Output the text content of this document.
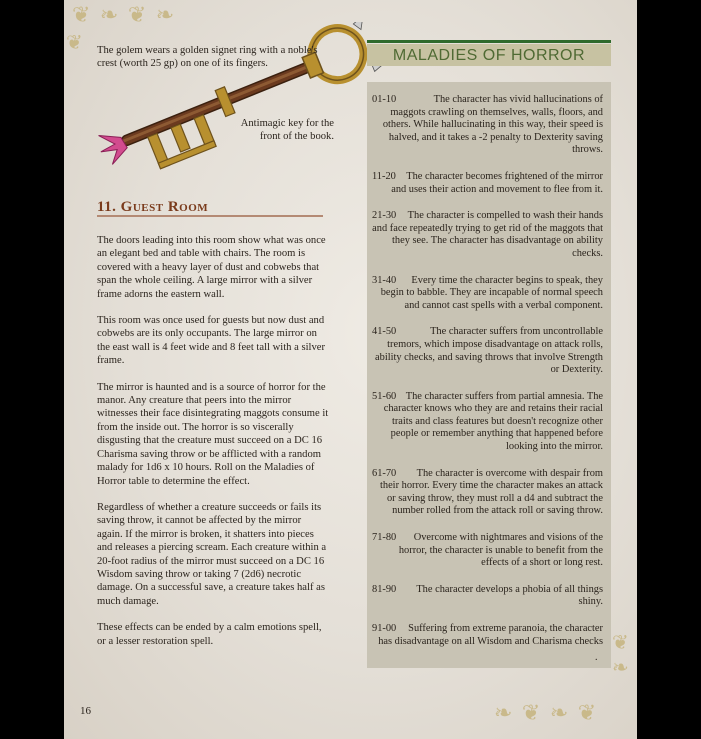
❦ ❧ ❦ ❧
❦
❧ ❦ ❧ ❦
❦
❧
The golem wears a golden signet ring with a noble's crest (worth 25 gp) on one of its fingers.
Antimagic key for the front of the book.
11. Guest Room

The doors leading into this room show what was once an elegant bed and table with chairs. The room is covered with a heavy layer of dust and cobwebs that span the whole ceiling. A large mirror with a silver frame adorns the eastern wall.

This room was once used for guests but now dust and cobwebs are its only occupants. The large mirror on the east wall is 4 feet wide and 8 feet tall with a silver frame.

The mirror is haunted and is a source of horror for the manor. Any creature that peers into the mirror witnesses their face disintegrating maggots consume it from the inside out. The horror is so viscerally disgusting that the creature must succeed on a DC 16 Charisma saving throw or be afflicted with a random malady for 1d6 x 10 hours. Roll on the Maladies of Horror table to determine the effect.

Regardless of whether a creature succeeds or fails its saving throw, it cannot be affected by the mirror again. If the mirror is broken, it shatters into pieces and releases a piercing scream. Each creature within a 20-foot radius of the mirror must succeed on a DC 16 Wisdom saving throw or taking 7 (2d6) necrotic damage. On a successful save, a creature takes half as much damage.

These effects can be ended by a calm emotions spell, or a lesser restoration spell.

MALADIES OF HORROR
01-10	The character has vivid hallucinations of maggots crawling on themselves, walls, floors, and others. While hallucinating in this way, their speed is halved, and it takes a -2 penalty to Dexterity saving throws.
11-20 The character becomes frightened of the mirror and uses their action and movement to flee from it.
21-30 The character is compelled to wash their hands and face repeatedly trying to get rid of the maggots that they see. The character has disadvantage on ability checks.
31-40 Every time the character begins to speak, they begin to babble. They are incapable of normal speech and cannot cast spells with a verbal component.
41-50	The character suffers from uncontrollable tremors, which impose disadvantage on attack rolls, ability checks, and saving throws that involve Strength or Dexterity.
51-60 The character suffers from partial amnesia. The character knows who they are and retains their racial traits and class features but doesn't recognize other people or remember anything that happened before looking into the mirror.
61-70 The character is overcome with despair from their horror. Every time the character makes an attack or saving throw, they must roll a d4 and subtract the number rolled from the attack roll or saving throw.
71-80 Overcome with nightmares and visions of the horror, the character is unable to benefit from the effects of a short or long rest.
81-90 The character develops a phobia of all things shiny.
91-00 Suffering from extreme paranoia, the character has disadvantage on all Wisdom and Charisma checks
.
16
